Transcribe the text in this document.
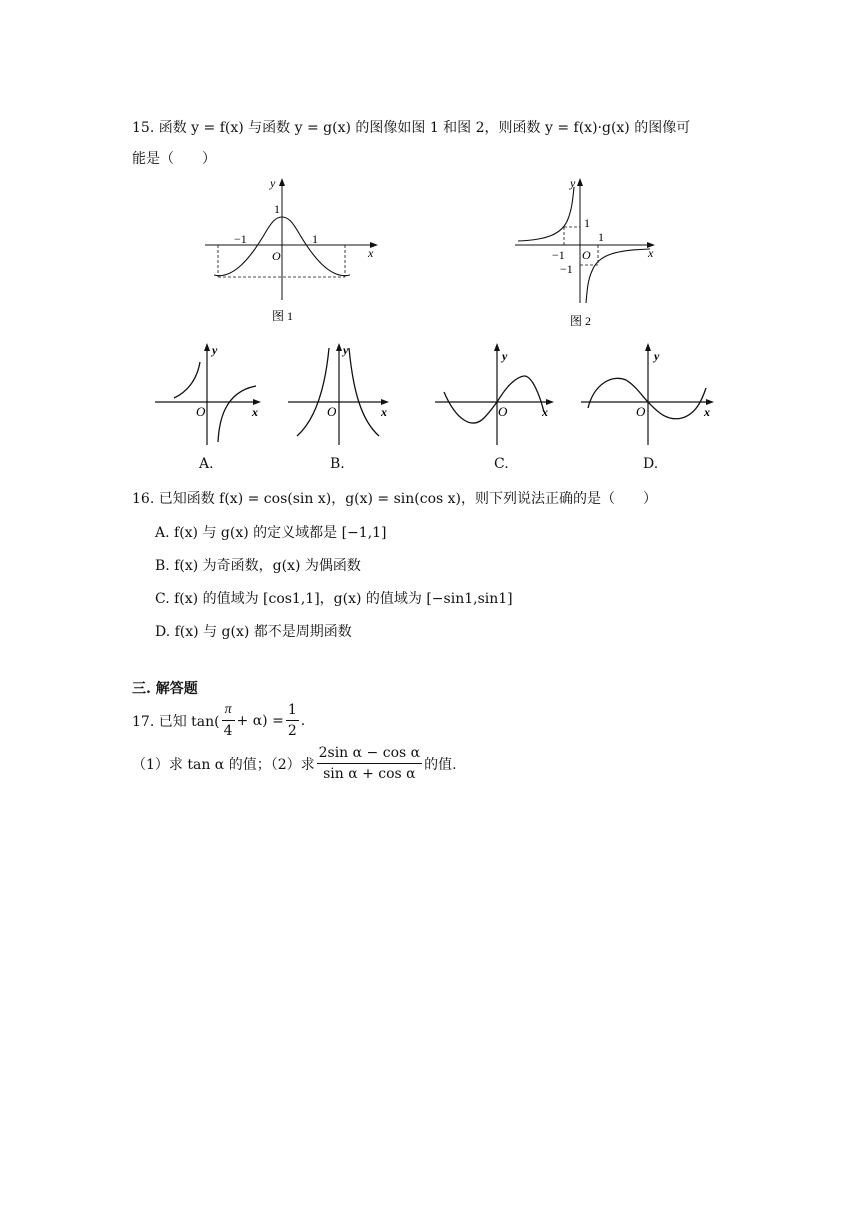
15. 函数 y = f(x) 与函数 y = g(x) 的图像如图 1 和图 2，则函数 y = f(x)·g(x) 的图像可
能是（　　）
y
x
O
1
−1	1
图 1
y
x
O
1
−1
1
−1
图 2
y
x
O
A.
y
x
O
B.
y
x
O
C.
y
x
O
D.
16. 已知函数 f(x) = cos(sin x)，g(x) = sin(cos x)，则下列说法正确的是（　　）
A. f(x) 与 g(x) 的定义域都是 [−1,1]
B. f(x) 为奇函数，g(x) 为偶函数
C. f(x) 的值域为 [cos1,1]，g(x) 的值域为 [−sin1,sin1]
D. f(x) 与 g(x) 都不是周期函数
三. 解答题
17. 已知 $\tan( \frac{\pi}{4} + \alpha) = \frac{1}{2}$ .
（1）求 tan α 的值；（2）求 $\frac{\text{2sin α − cos α}}{\text{sin α + cos α}}$ 的值.
